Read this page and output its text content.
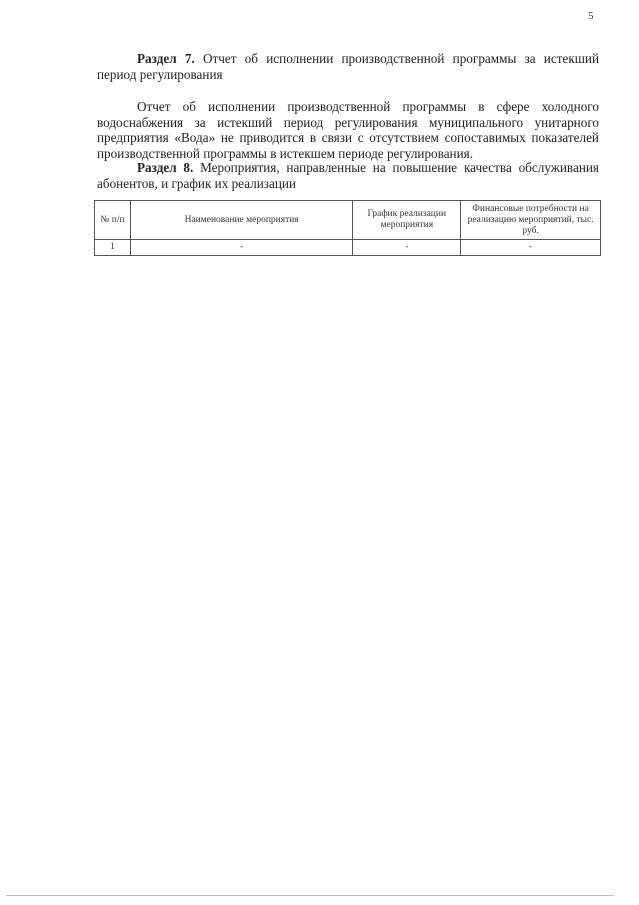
5

Раздел 7. Отчет об исполнении производственной программы за истекший период регулирования

Отчет об исполнении производственной программы в сфере холодного водоснабжения за истекший период регулирования муниципального унитарного предприятия «Вода» не приводится в связи с отсутствием сопоставимых показателей производственной программы в истекшем периоде регулирования.

Раздел 8. Мероприятия, направленные на повышение качества обслуживания абонентов, и график их реализации

№ п/п	Наименование мероприятия	График реализации мероприятия	Финансовые потребности на реализацию мероприятий, тыс. руб.
1	-	-	-
